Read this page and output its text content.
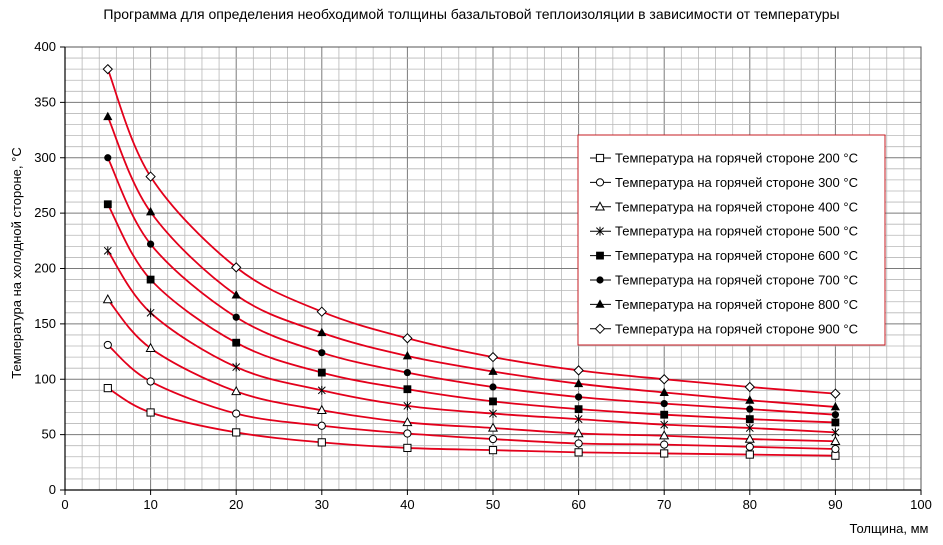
Программа для определения необходимой толщины базальтовой теплоизоляции в зависимости от температуры
0	10	20	30	40	50	60	70	80	90	100
0
50
100
150
200
250
300
350
400
Температура на горячей стороне 200 °С
Температура на горячей стороне 300 °С
Температура на горячей стороне 400 °С
Температура на горячей стороне 500 °С
Температура на горячей стороне 600 °С
Температура на горячей стороне 700 °С
Температура на горячей стороне 800 °С
Температура на горячей стороне 900 °С
Толщина, мм
Температура на холодной стороне, °С
